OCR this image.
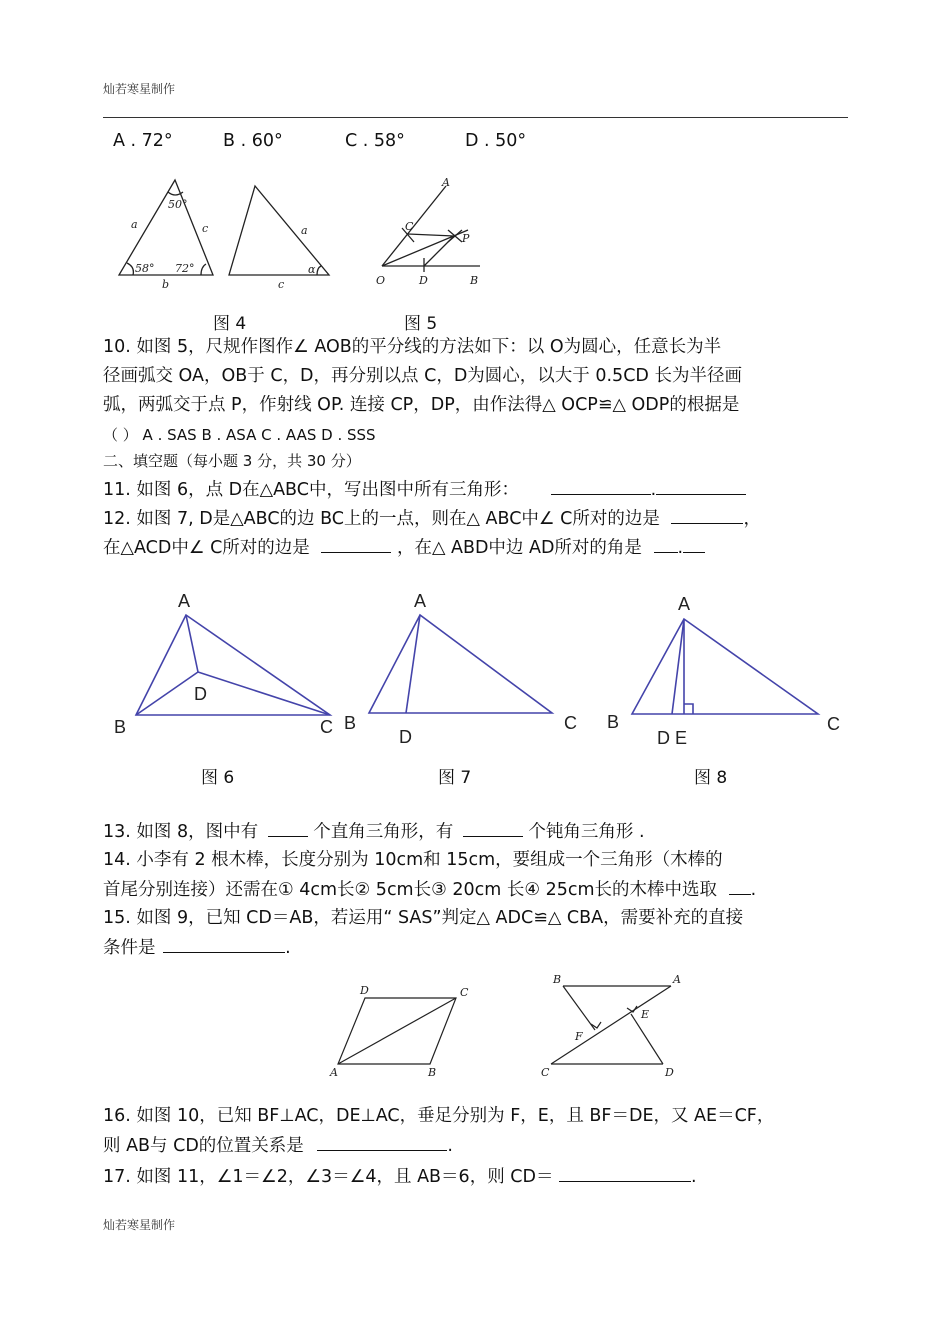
灿若寒星制作
A . 72°	B . 60°	C . 58°	D . 50°
50°
58° 72°
a	c
b
a
c
α
A
C
P
O	D	B
图 4	图 5
10. 如图 5，尺规作图作∠ AOB的平分线的方法如下：以 O为圆心，任意长为半
径画弧交 OA，OB于 C，D，再分别以点 C，D为圆心，以大于 0.5CD 长为半径画
弧，两弧交于点 P，作射线 OP. 连接 CP，DP，由作法得△ OCP≌△ ODP的根据是
（ ） A . SAS B . ASA C . AAS D . SSS
二、填空题（每小题 3 分，共 30 分）
11. 如图 6，点 D在△ABC中，写出图中所有三角形：	.
12. 如图 7, D是△ABC的边 BC上的一点，则在△ ABC中∠ C所对的边是	，
在△ACD中∠ C所对的边是	，在△ ABD中边 AD所对的角是 .
A
B	C
D
A
B	C
D
A
B	C
D E
图 6	图 7	图 8
13. 如图 8，图中有	个直角三角形，有	个钝角三角形 .
14. 小李有 2 根木棒，长度分别为 10cm和 15cm，要组成一个三角形（木棒的
首尾分别连接）还需在① 4cm长② 5cm长③ 20cm 长④ 25cm长的木棒中选取 .
15. 如图 9，已知 CD＝AB，若运用“ SAS”判定△ ADC≌△ CBA，需要补充的直接
条件是	.
D	C
A	B
B	A
F
E
C	D
16. 如图 10，已知 BF⊥AC，DE⊥AC，垂足分别为 F，E，且 BF＝DE，又 AE＝CF，
则 AB与 CD的位置关系是	.
17. 如图 11，∠1＝∠2，∠3＝∠4，且 AB＝6，则 CD＝	.
灿若寒星制作
